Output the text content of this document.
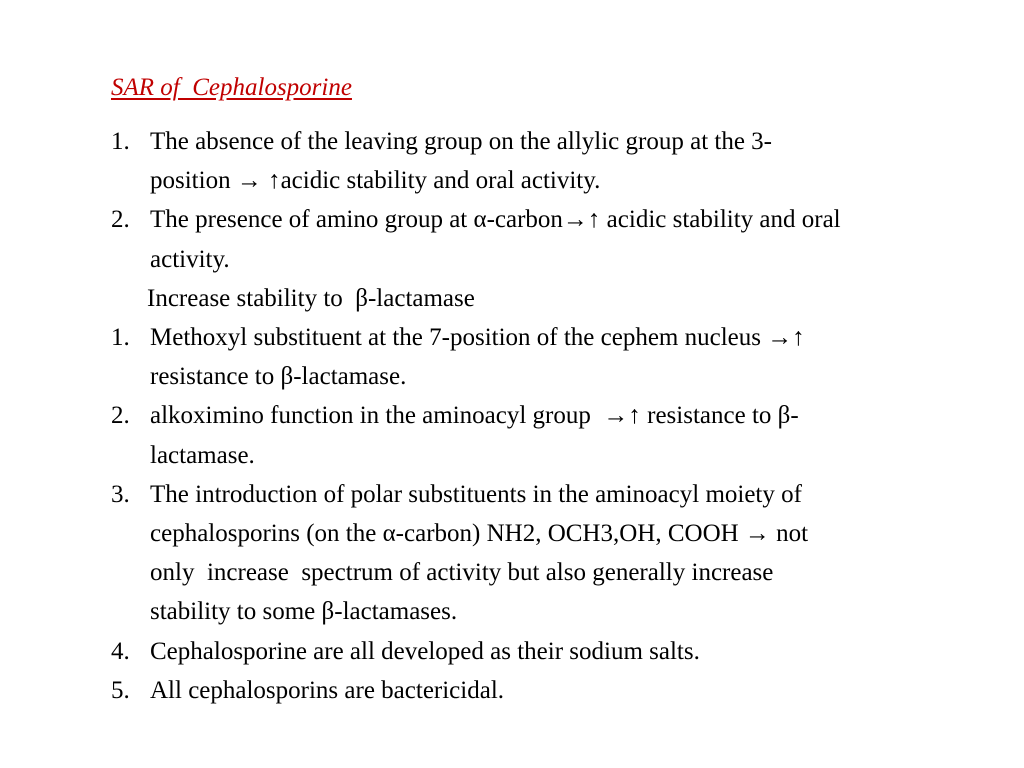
SAR of  Cephalosporine
1. The absence of the leaving group on the allylic group at the 3-
position → ↑acidic stability and oral activity.
2. The presence of amino group at α-carbon→↑ acidic stability and oral
activity.
Increase stability to  β-lactamase
1. Methoxyl substituent at the 7-position of the cephem nucleus →↑
resistance to β-lactamase.
2. alkoximino function in the aminoacyl group  →↑ resistance to β-
lactamase.
3. The introduction of polar substituents in the aminoacyl moiety of
cephalosporins (on the α-carbon) NH2, OCH3,OH, COOH → not
only  increase  spectrum of activity but also generally increase
stability to some β-lactamases.
4. Cephalosporine are all developed as their sodium salts.
5. All cephalosporins are bactericidal.
